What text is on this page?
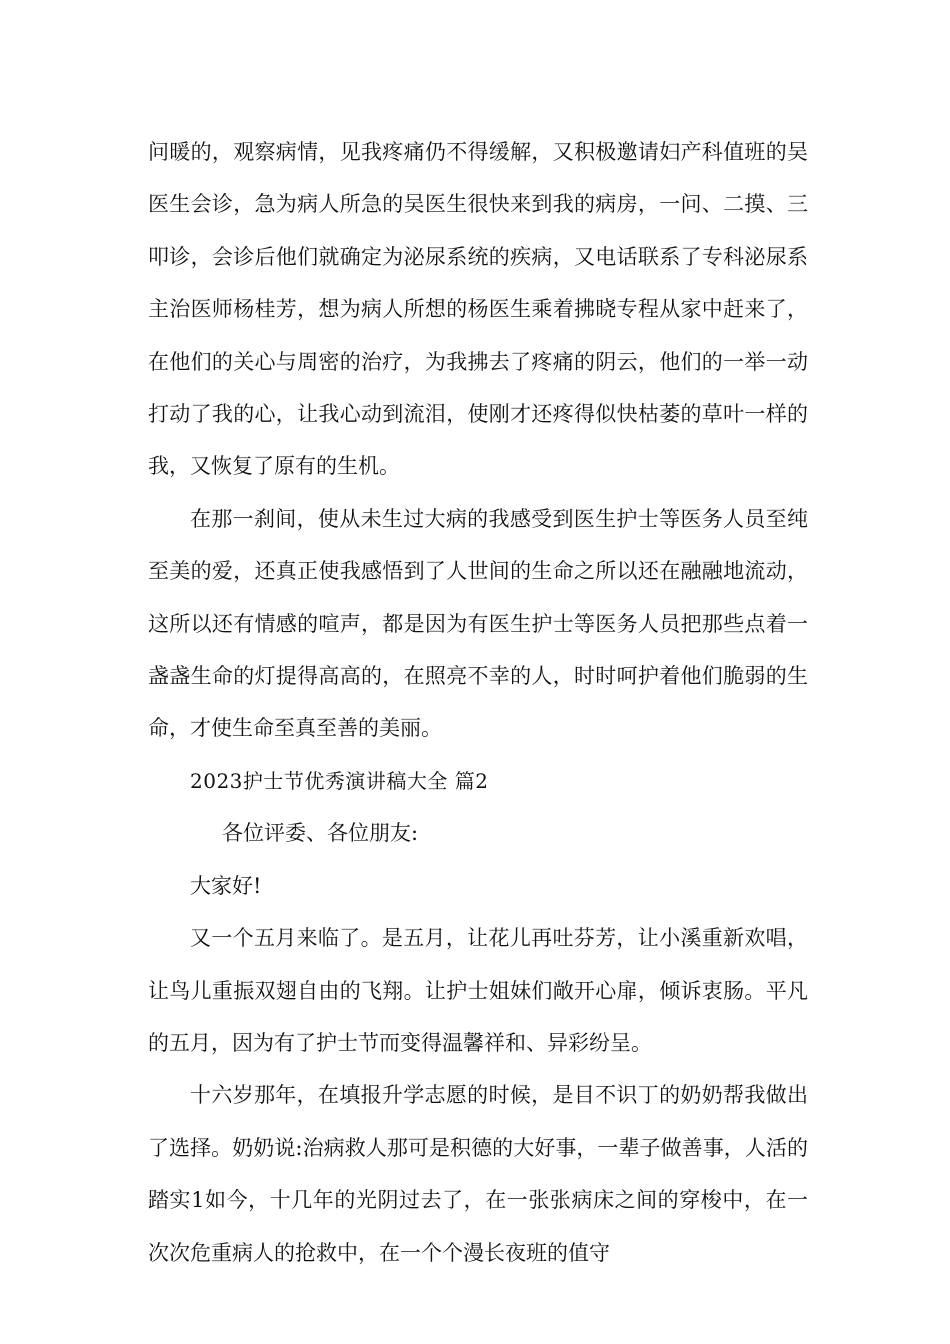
问暖的，观察病情，见我疼痛仍不得缓解，又积极邀请妇产科值班的吴医生会诊，急为病人所急的吴医生很快来到我的病房，一问、二摸、三叩诊，会诊后他们就确定为泌尿系统的疾病，又电话联系了专科泌尿系主治医师杨桂芳，想为病人所想的杨医生乘着拂晓专程从家中赶来了，在他们的关心与周密的治疗，为我拂去了疼痛的阴云，他们的一举一动打动了我的心，让我心动到流泪，使刚才还疼得似快枯萎的草叶一样的我，又恢复了原有的生机。

在那一刹间，使从未生过大病的我感受到医生护士等医务人员至纯至美的爱，还真正使我感悟到了人世间的生命之所以还在融融地流动，这所以还有情感的喧声，都是因为有医生护士等医务人员把那些点着一盏盏生命的灯提得高高的，在照亮不幸的人，时时呵护着他们脆弱的生命，才使生命至真至善的美丽。

2023护士节优秀演讲稿大全 篇2

各位评委、各位朋友:

大家好!

又一个五月来临了。是五月，让花儿再吐芬芳，让小溪重新欢唱，让鸟儿重振双翅自由的飞翔。让护士姐妹们敞开心扉，倾诉衷肠。平凡的五月，因为有了护士节而变得温馨祥和、异彩纷呈。

十六岁那年，在填报升学志愿的时候，是目不识丁的奶奶帮我做出了选择。奶奶说:治病救人那可是积德的大好事，一辈子做善事，人活的踏实1如今，十几年的光阴过去了，在一张张病床之间的穿梭中，在一次次危重病人的抢救中，在一个个漫长夜班的值守
